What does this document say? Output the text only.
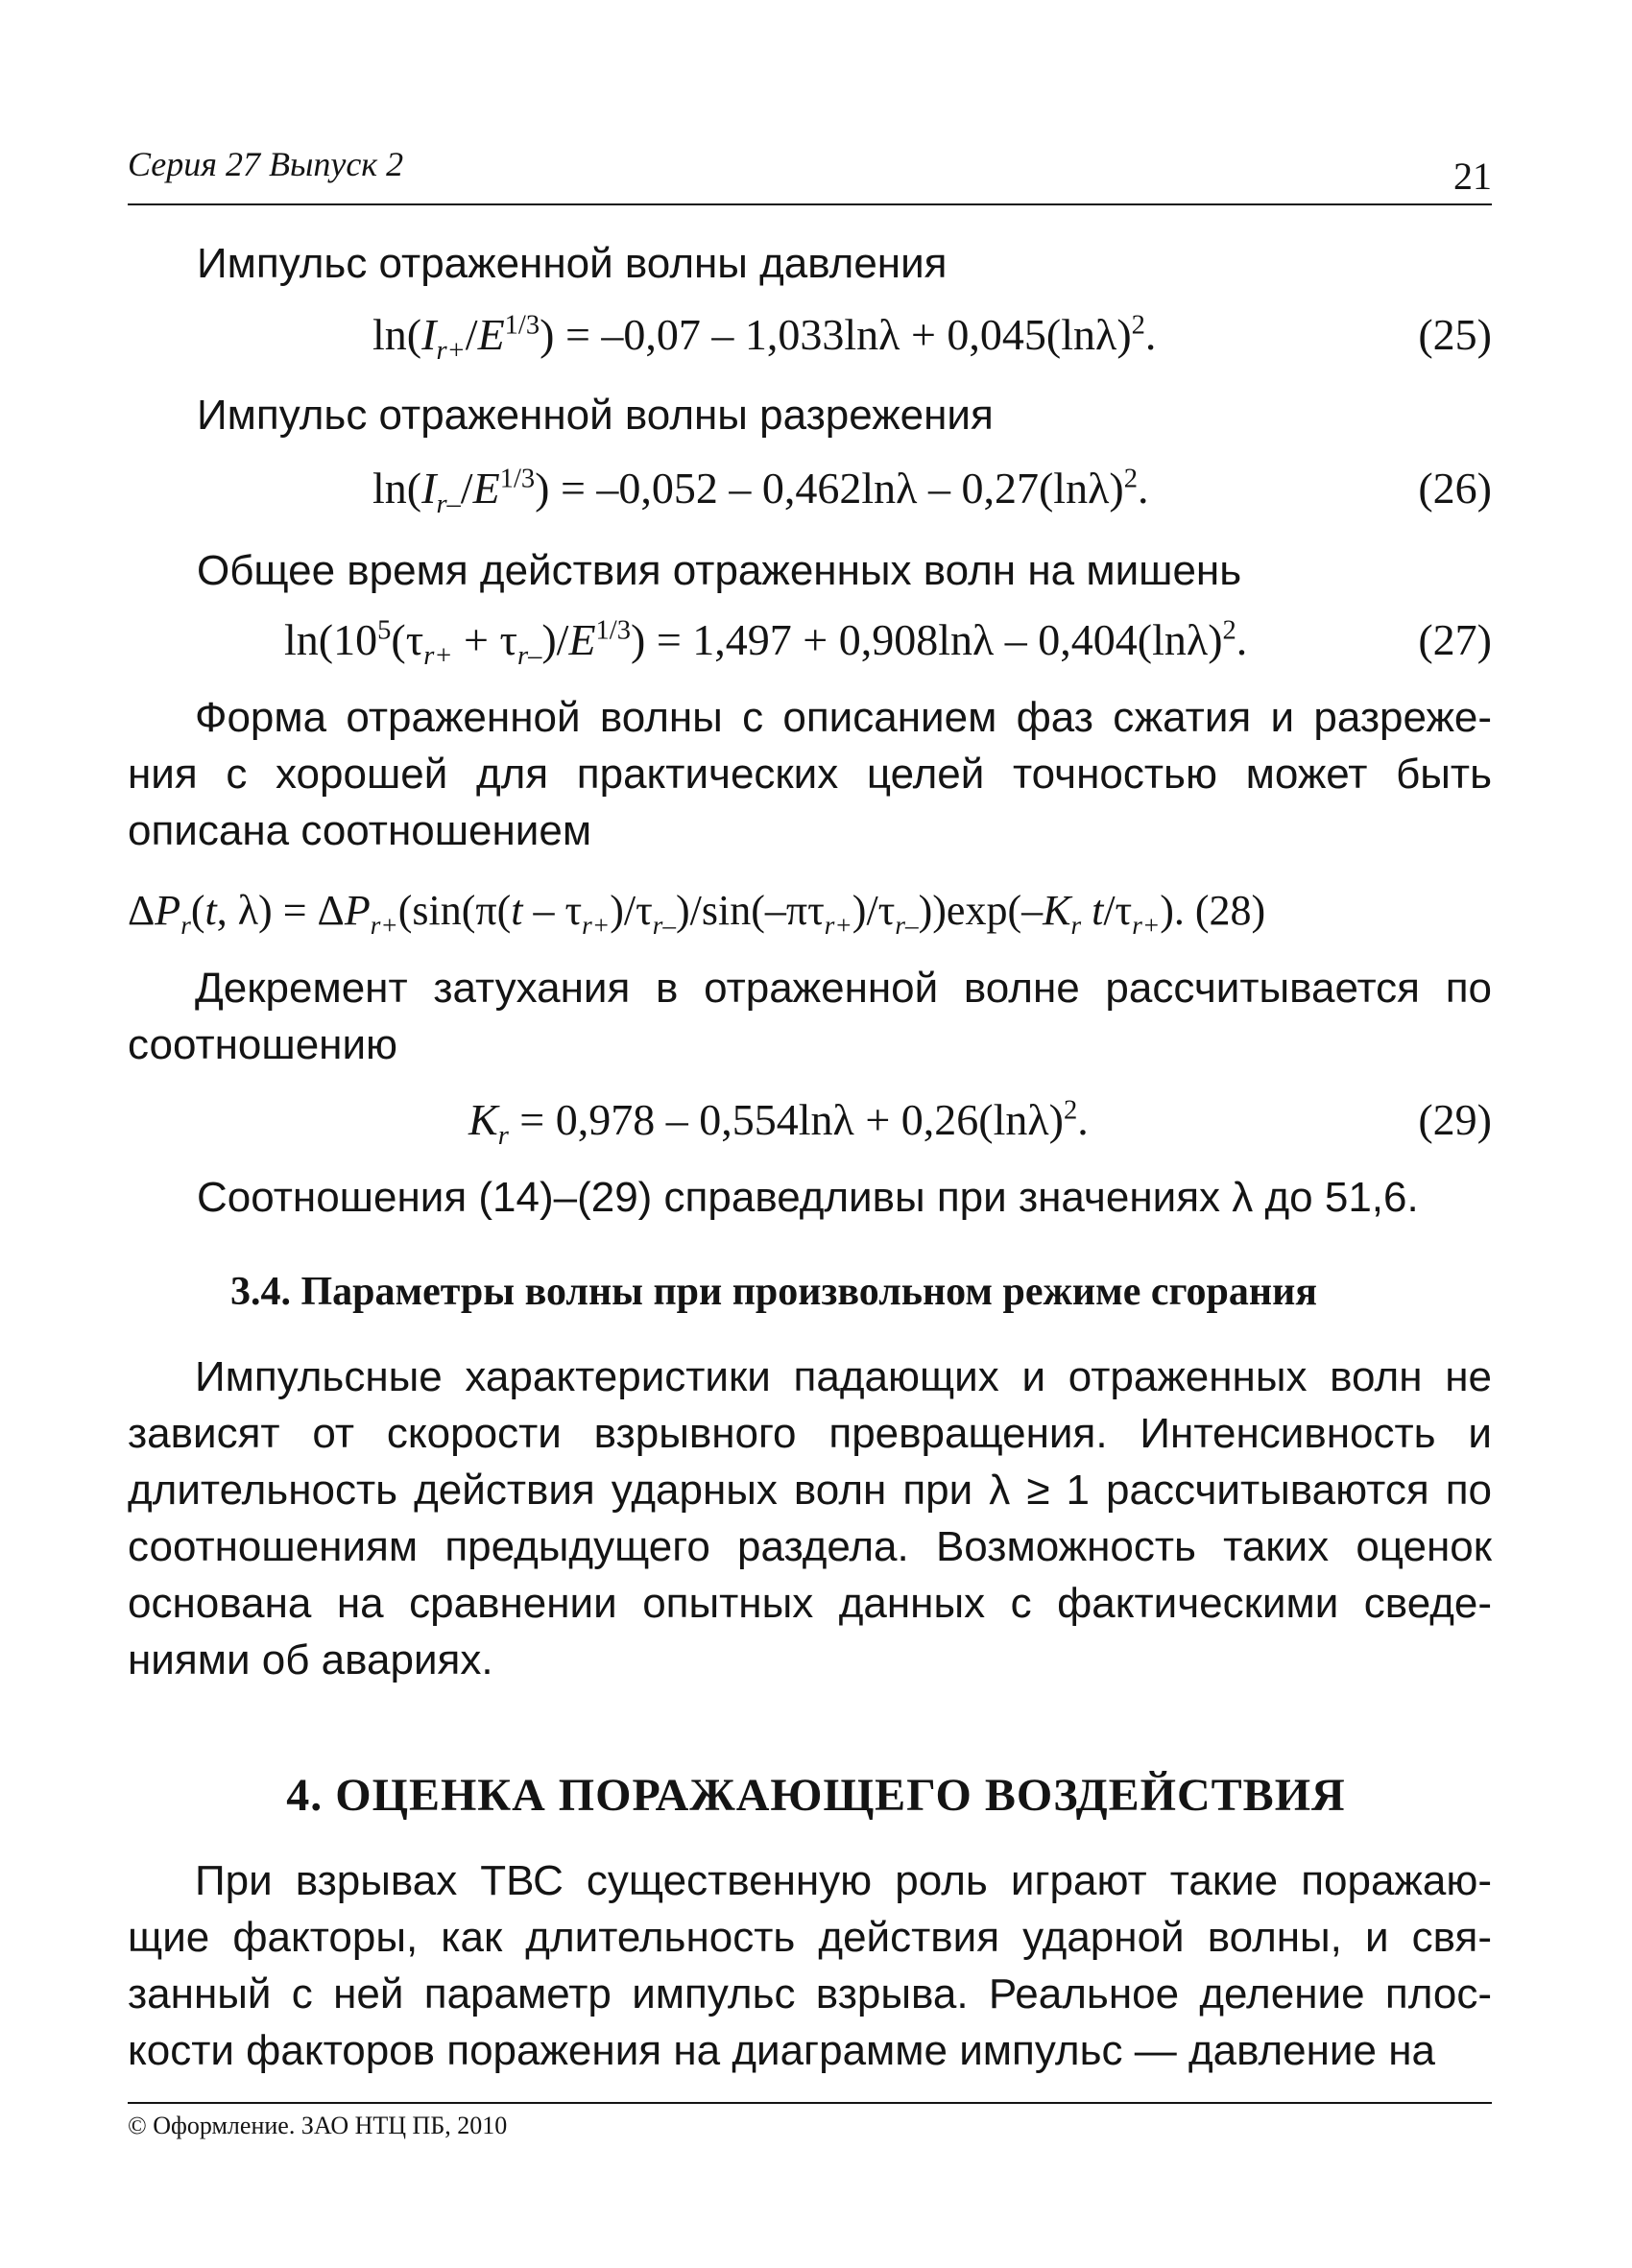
Серия 27 Выпуск 2	21
Импульс отраженной волны давления
$\ln(I_{r+}/E^{1/3}) = -0,07 - 1,033\ln\lambda + 0,045(\ln\lambda)^2$.	(25)
Импульс отраженной волны разрежения
$\ln(I_{r-}/E^{1/3}) = -0,052 - 0,462\ln\lambda - 0,27(\ln\lambda)^2$.	(26)
Общее время действия отраженных волн на мишень
$\ln(10^5(\tau_{r+} + \tau_{r-})/E^{1/3}) = 1,497 + 0,908\ln\lambda - 0,404(\ln\lambda)^2$.	(27)
Форма отраженной волны с описанием фаз сжатия и разреже-ния с хорошей для практических целей точностью может быть описана соотношением
$\Delta P_r(t$, $\lambda) = \Delta P_{r+}(\sin(\pi(t - \tau_{r+})/\tau_{r-})/\sin(-\pi\tau_{r+})/\tau_{r-}))\exp(-K_r$ $t/\tau_{r+}$). (28)
Декремент затухания в отраженной волне рассчитывается по соотношению
$K_r = 0,978 - 0,554\ln\lambda + 0,26(\ln\lambda)^2$.	(29)
Соотношения (14)–(29) справедливы при значениях λ до 51,6.
3.4. Параметры волны при произвольном режиме сгорания
Импульсные характеристики падающих и отраженных волн не зависят от скорости взрывного превращения. Интенсивность и длительность действия ударных волн при λ ≥ 1 рассчитываются по соотношениям предыдущего раздела. Возможность таких оценок основана на сравнении опытных данных с фактическими сведе-ниями об авариях.
4. ОЦЕНКА ПОРАЖАЮЩЕГО ВОЗДЕЙСТВИЯ
При взрывах ТВС существенную роль играют такие поражаю-щие факторы, как длительность действия ударной волны, и свя-занный с ней параметр импульс взрыва. Реальное деление плос-кости факторов поражения на диаграмме импульс — давление на
© Оформление. ЗАО НТЦ ПБ, 2010
